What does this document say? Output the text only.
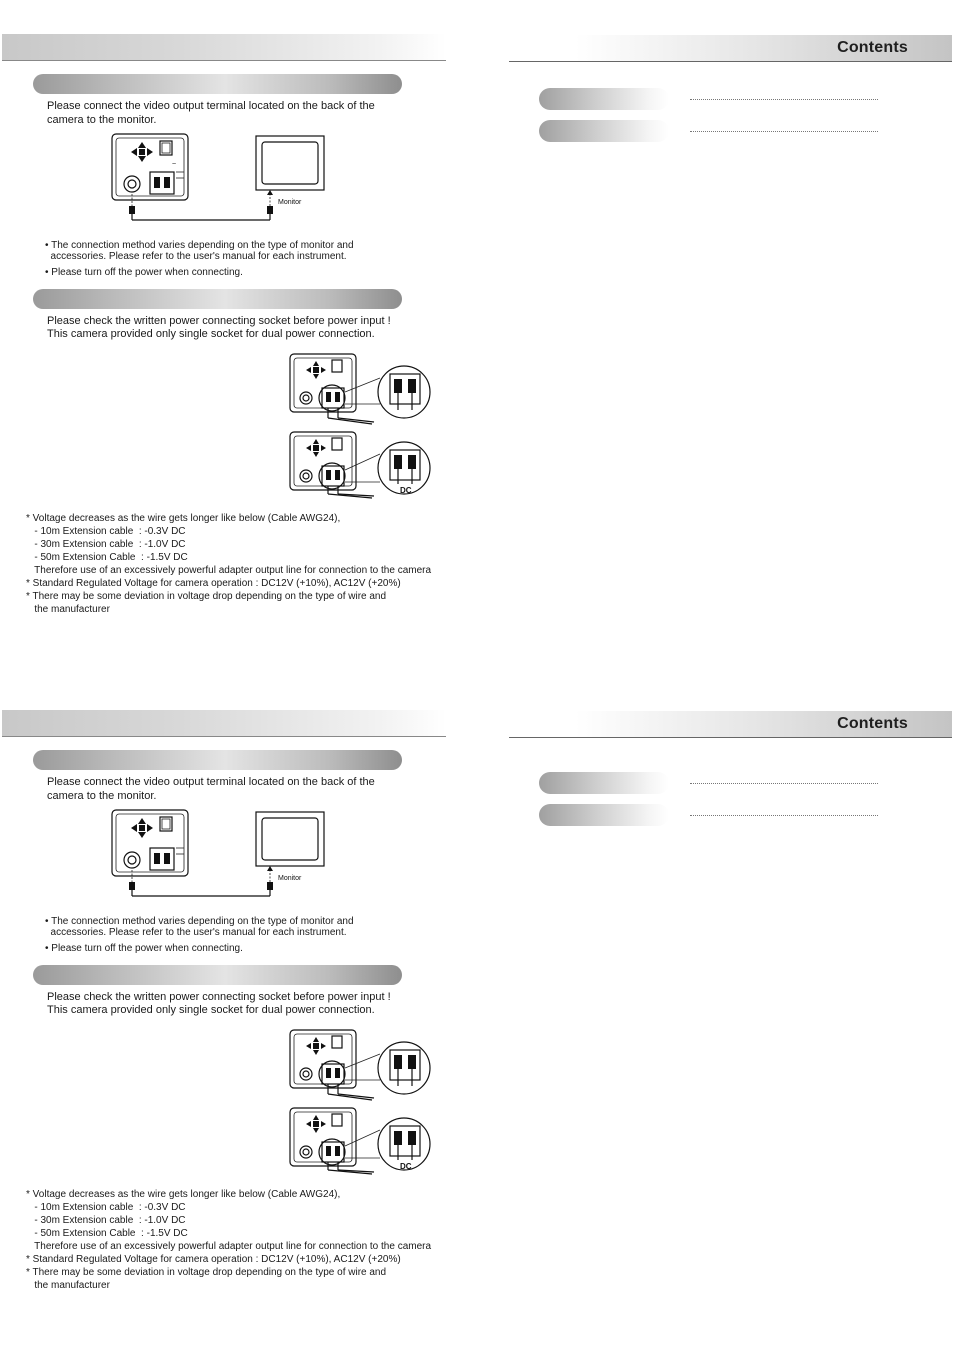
Contents
Please connect the video output terminal located on the back of the
camera to the monitor.
~
Monitor
• The connection method varies depending on the type of monitor and
accessories. Please refer to the user's manual for each instrument.
• Please turn off the power when connecting.
Please check the written power connecting socket before power input !
This camera provided only single socket for dual power connection.
DC
* Voltage decreases as the wire gets longer like below (Cable AWG24),
- 10m Extension cable  : -0.3V DC
- 30m Extension cable  : -1.0V DC
- 50m Extension Cable  : -1.5V DC
Therefore use of an excessively powerful adapter output line for connection to the camera
* Standard Regulated Voltage for camera operation : DC12V (+10%), AC12V (+20%)
* There may be some deviation in voltage drop depending on the type of wire and
the manufacturer
Contents
Please connect the video output terminal located on the back of the
camera to the monitor.
Monitor
• The connection method varies depending on the type of monitor and
accessories. Please refer to the user's manual for each instrument.
• Please turn off the power when connecting.
Please check the written power connecting socket before power input !
This camera provided only single socket for dual power connection.
DC
* Voltage decreases as the wire gets longer like below (Cable AWG24),
- 10m Extension cable  : -0.3V DC
- 30m Extension cable  : -1.0V DC
- 50m Extension Cable  : -1.5V DC
Therefore use of an excessively powerful adapter output line for connection to the camera
* Standard Regulated Voltage for camera operation : DC12V (+10%), AC12V (+20%)
* There may be some deviation in voltage drop depending on the type of wire and
the manufacturer
